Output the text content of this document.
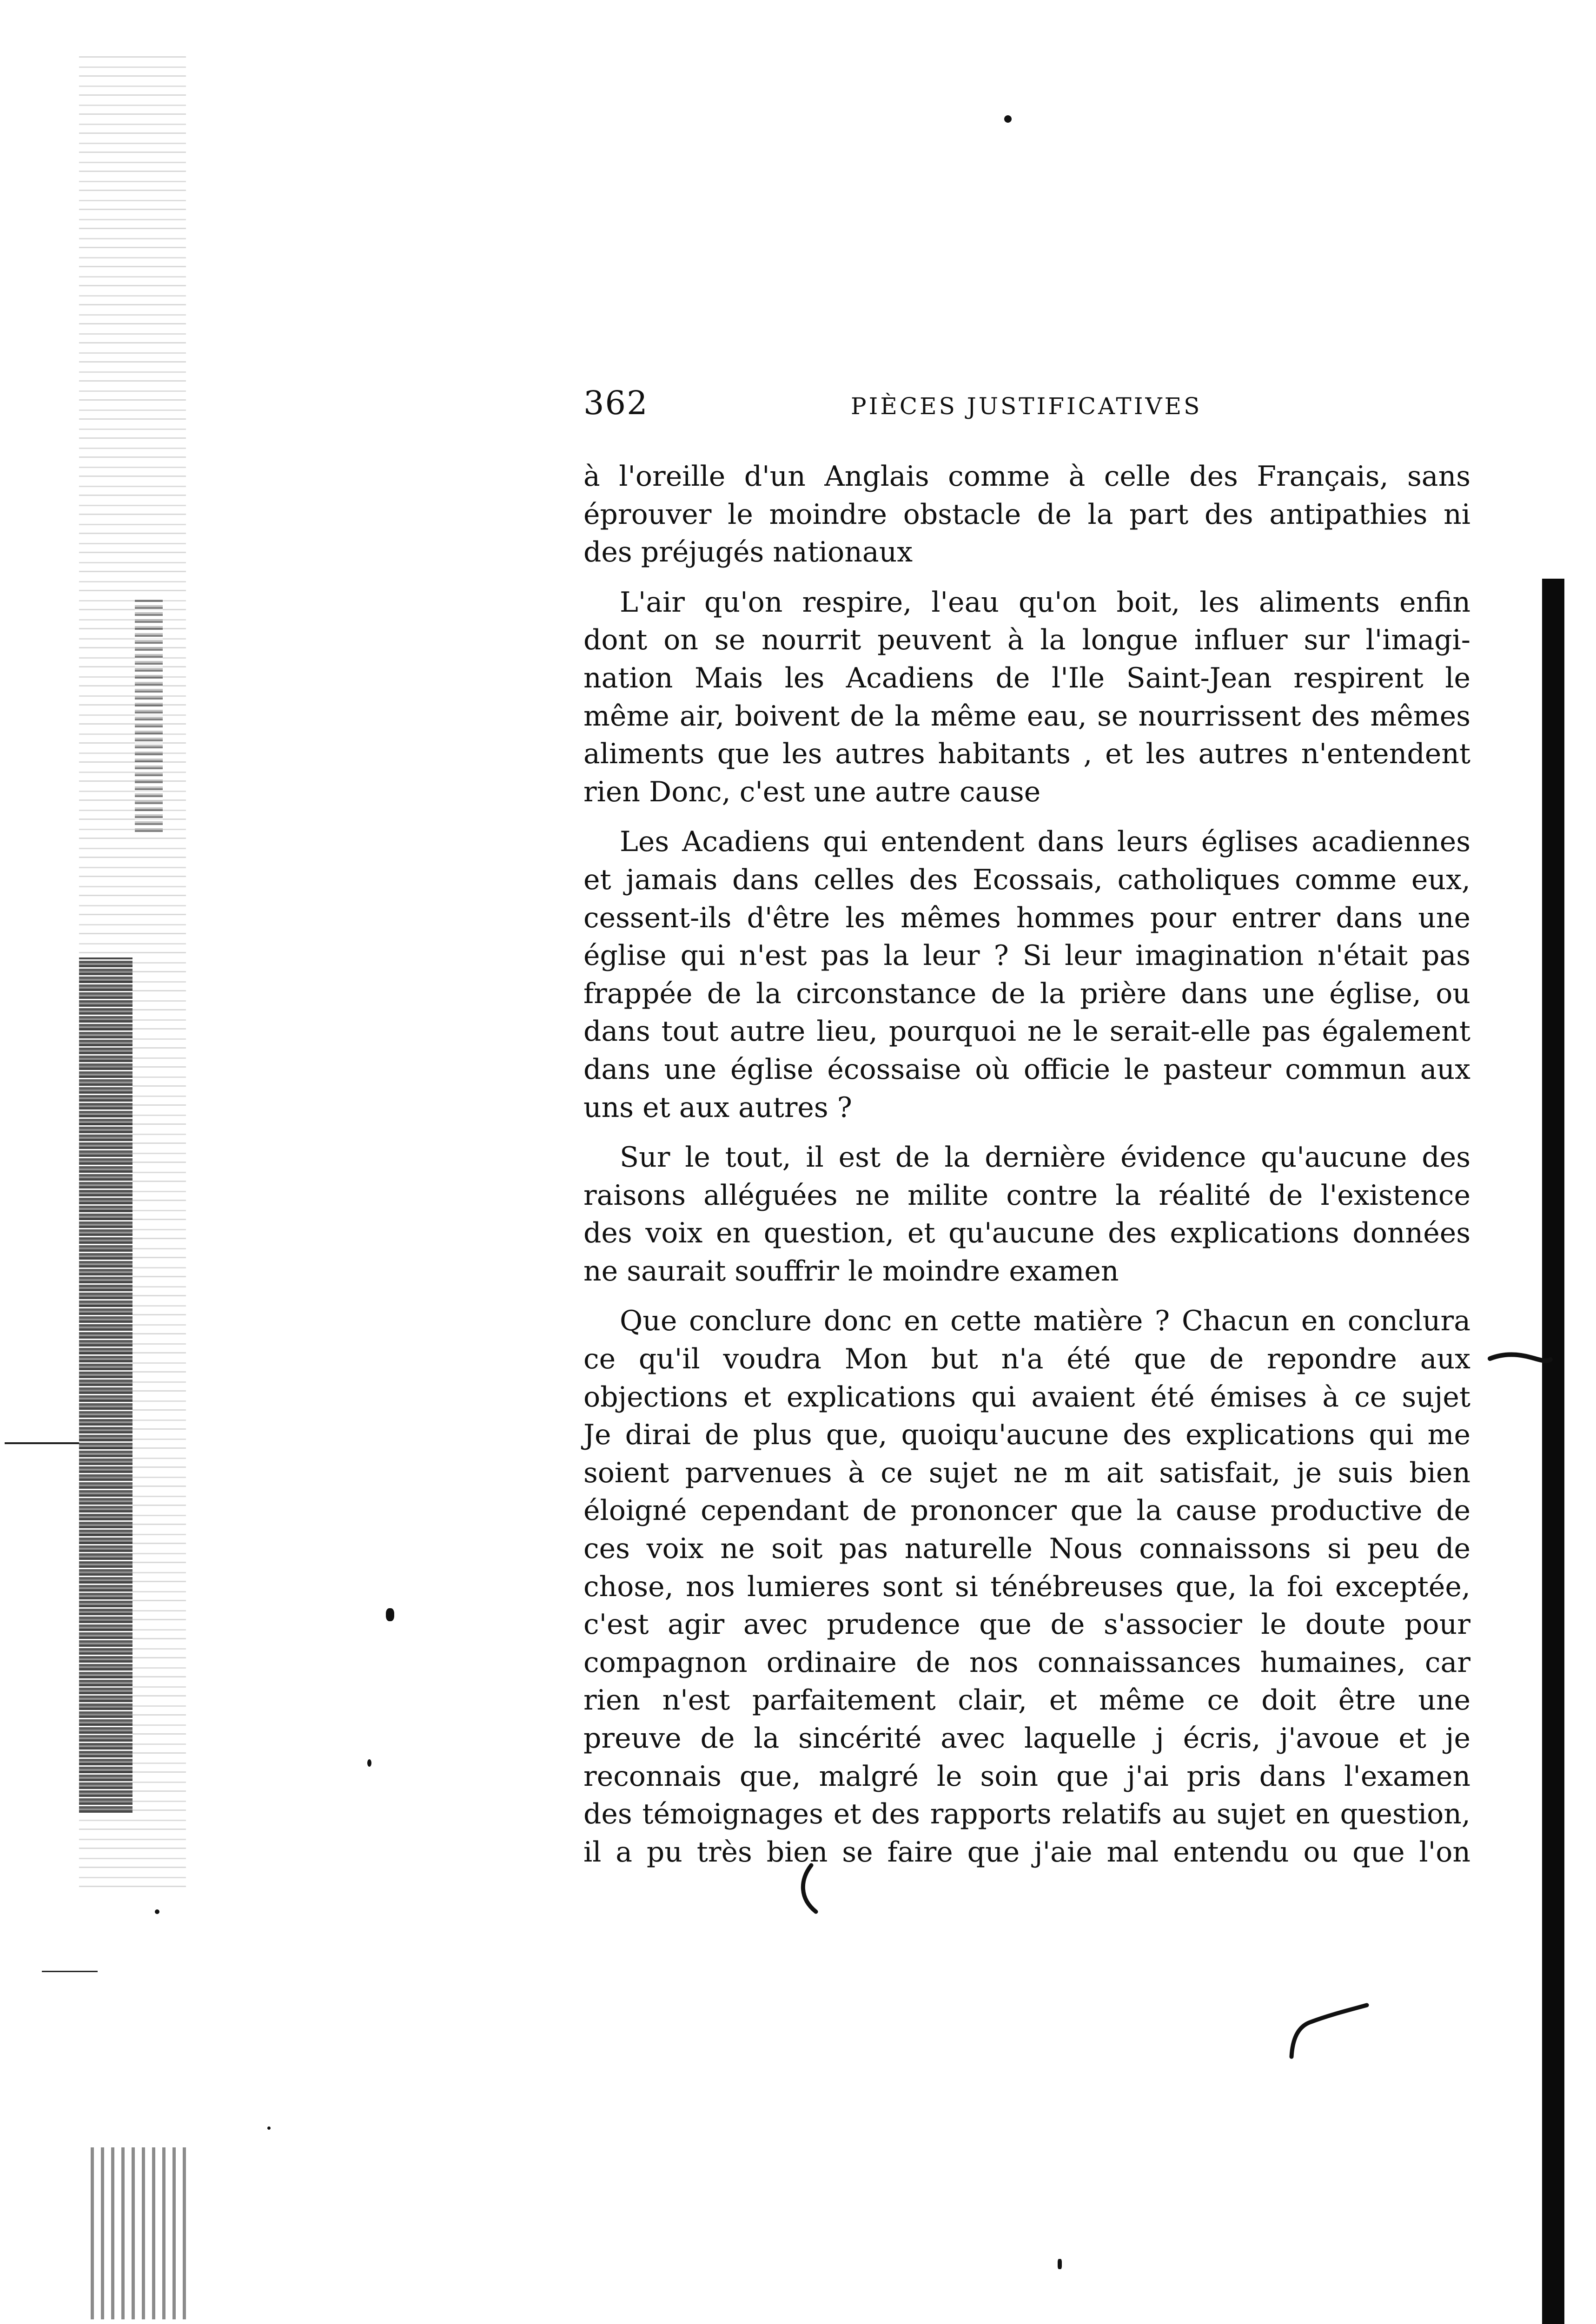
362	PIÈCES JUSTIFICATIVES

à l'oreille d'un Anglais comme à celle des Français, sans
éprouver le moindre obstacle de la part des antipathies ni
des préjugés nationaux

L'air qu'on respire, l'eau qu'on boit, les aliments enfin
dont on se nourrit peuvent à la longue influer sur l'imagi-
nation Mais les Acadiens de l'Ile Saint-Jean respirent le
même air, boivent de la même eau, se nourrissent des mêmes
aliments que les autres habitants , et les autres n'entendent
rien Donc, c'est une autre cause

Les Acadiens qui entendent dans leurs églises acadiennes
et jamais dans celles des Ecossais, catholiques comme eux,
cessent-ils d'être les mêmes hommes pour entrer dans une
église qui n'est pas la leur ? Si leur imagination n'était pas
frappée de la circonstance de la prière dans une église, ou
dans tout autre lieu, pourquoi ne le serait-elle pas également
dans une église écossaise où officie le pasteur commun aux
uns et aux autres ?

Sur le tout, il est de la dernière évidence qu'aucune des
raisons alléguées ne milite contre la réalité de l'existence
des voix en question, et qu'aucune des explications données
ne saurait souffrir le moindre examen

Que conclure donc en cette matière ? Chacun en conclura
ce qu'il voudra Mon but n'a été que de repondre aux
objections et explications qui avaient été émises à ce sujet
Je dirai de plus que, quoiqu'aucune des explications qui me
soient parvenues à ce sujet ne m ait satisfait, je suis bien
éloigné cependant de prononcer que la cause productive de
ces voix ne soit pas naturelle Nous connaissons si peu de
chose, nos lumieres sont si ténébreuses que, la foi exceptée,
c'est agir avec prudence que de s'associer le doute pour
compagnon ordinaire de nos connaissances humaines, car
rien n'est parfaitement clair, et même ce doit être une
preuve de la sincérité avec laquelle j écris, j'avoue et je
reconnais que, malgré le soin que j'ai pris dans l'examen
des témoignages et des rapports relatifs au sujet en question,
il a pu très bien se faire que j'aie mal entendu ou que l'on
